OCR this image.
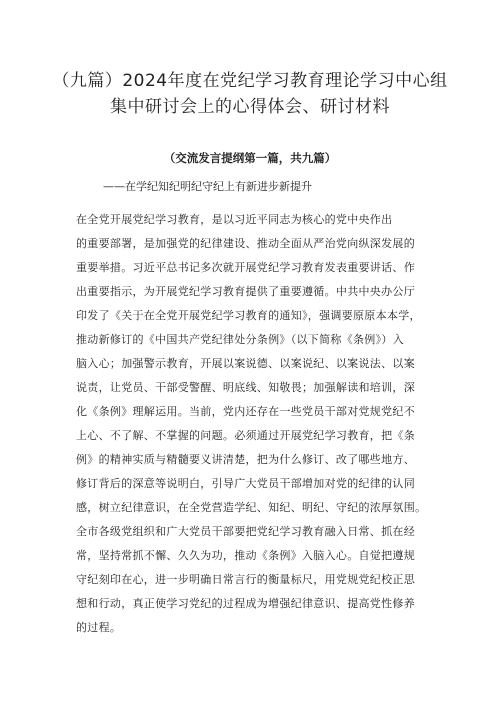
（九篇）2024年度在党纪学习教育理论学习中心组
集中研讨会上的心得体会、研讨材料
（交流发言提纲第一篇，共九篇）
——在学纪知纪明纪守纪上有新进步新提升
在全党开展党纪学习教育，是以习近平同志为核心的党中央作出
的重要部署，是加强党的纪律建设、推动全面从严治党向纵深发展的
重要举措。习近平总书记多次就开展党纪学习教育发表重要讲话、作
出重要指示，为开展党纪学习教育提供了重要遵循。中共中央办公厅
印发了《关于在全党开展党纪学习教育的通知》，强调要原原本本学，
推动新修订的《中国共产党纪律处分条例》（以下简称《条例》）入
脑入心；加强警示教育，开展以案说德、以案说纪、以案说法、以案
说责，让党员、干部受警醒、明底线、知敬畏；加强解读和培训，深
化《条例》理解运用。当前，党内还存在一些党员干部对党规党纪不
上心、不了解、不掌握的问题。必须通过开展党纪学习教育，把《条
例》的精神实质与精髓要义讲清楚，把为什么修订、改了哪些地方、
修订背后的深意等说明白，引导广大党员干部增加对党的纪律的认同
感，树立纪律意识，在全党营造学纪、知纪、明纪、守纪的浓厚氛围。
全市各级党组织和广大党员干部要把党纪学习教育融入日常、抓在经
常，坚持常抓不懈、久久为功，推动《条例》入脑入心。自觉把遵规
守纪刻印在心，进一步明确日常言行的衡量标尺，用党规党纪校正思
想和行动，真正使学习党纪的过程成为增强纪律意识、提高党性修养
的过程。
